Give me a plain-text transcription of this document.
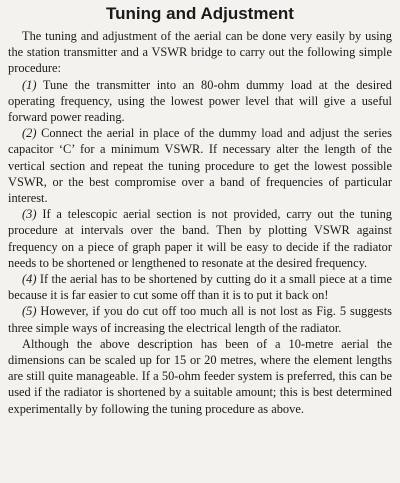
Tuning and Adjustment

The tuning and adjustment of the aerial can be done very easily by using the station transmitter and a VSWR bridge to carry out the following simple procedure:

(1) Tune the transmitter into an 80-ohm dummy load at the desired operating frequency, using the lowest power level that will give a useful forward power reading.

(2) Connect the aerial in place of the dummy load and adjust the series capacitor ‘C’ for a minimum VSWR. If necessary alter the length of the vertical section and repeat the tuning procedure to get the lowest possible VSWR, or the best compromise over a band of frequencies of particular interest.

(3) If a telescopic aerial section is not provided, carry out the tuning procedure at intervals over the band. Then by plotting VSWR against frequency on a piece of graph paper it will be easy to decide if the radiator needs to be shortened or lengthened to resonate at the desired frequency.

(4) If the aerial has to be shortened by cutting do it a small piece at a time because it is far easier to cut some off than it is to put it back on!

(5) However, if you do cut off too much all is not lost as Fig. 5 suggests three simple ways of increasing the electrical length of the radiator.

Although the above description has been of a 10-metre aerial the dimensions can be scaled up for 15 or 20 metres, where the element lengths are still quite manageable. If a 50-ohm feeder system is preferred, this can be used if the radiator is shortened by a suitable amount; this is best determined experimentally by following the tuning procedure as above.
